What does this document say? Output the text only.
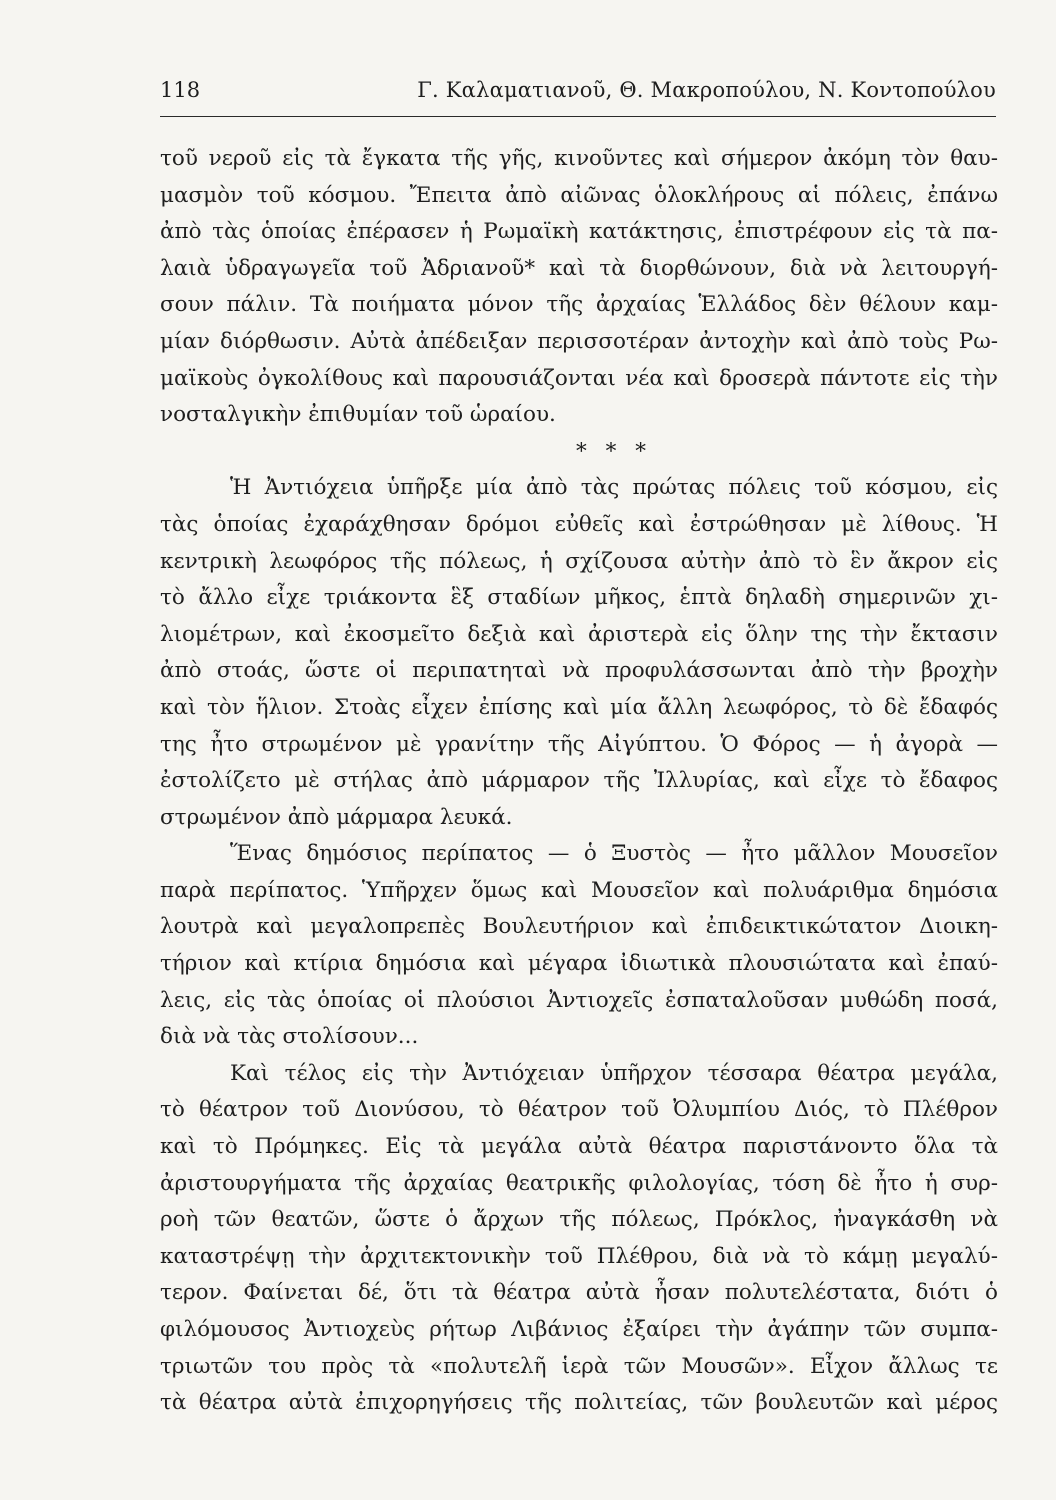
118	Γ. Καλαματιανοῦ, Θ. Μακροπούλου, Ν. Κοντοπούλου
τοῦ νεροῦ εἰς τὰ ἔγκατα τῆς γῆς, κινοῦντες καὶ σήμερον ἀκόμη τὸν θαυ-
μασμὸν τοῦ κόσμου. Ἔπειτα ἀπὸ αἰῶνας ὁλοκλήρους αἱ πόλεις, ἐπάνω
ἀπὸ τὰς ὁποίας ἐπέρασεν ἡ Ρωμαϊκὴ κατάκτησις, ἐπιστρέφουν εἰς τὰ πα-
λαιὰ ὑδραγωγεῖα τοῦ Ἀδριανοῦ* καὶ τὰ διορθώνουν, διὰ νὰ λειτουργή-
σουν πάλιν. Τὰ ποιήματα μόνον τῆς ἀρχαίας Ἑλλάδος δὲν θέλουν καμ-
μίαν διόρθωσιν. Αὐτὰ ἀπέδειξαν περισσοτέραν ἀντοχὴν καὶ ἀπὸ τοὺς Ρω-
μαϊκοὺς ὀγκολίθους καὶ παρουσιάζονται νέα καὶ δροσερὰ πάντοτε εἰς τὴν
νοσταλγικὴν ἐπιθυμίαν τοῦ ὡραίου.
* * *
Ἡ Ἀντιόχεια ὑπῆρξε μία ἀπὸ τὰς πρώτας πόλεις τοῦ κόσμου, εἰς
τὰς ὁποίας ἐχαράχθησαν δρόμοι εὐθεῖς καὶ ἐστρώθησαν μὲ λίθους. Ἡ
κεντρικὴ λεωφόρος τῆς πόλεως, ἡ σχίζουσα αὐτὴν ἀπὸ τὸ ἓν ἄκρον εἰς
τὸ ἄλλο εἶχε τριάκοντα ἓξ σταδίων μῆκος, ἑπτὰ δηλαδὴ σημερινῶν χι-
λιομέτρων, καὶ ἐκοσμεῖτο δεξιὰ καὶ ἀριστερὰ εἰς ὅλην της τὴν ἔκτασιν
ἀπὸ στοάς, ὥστε οἱ περιπατηταὶ νὰ προφυλάσσωνται ἀπὸ τὴν βροχὴν
καὶ τὸν ἥλιον. Στοὰς εἶχεν ἐπίσης καὶ μία ἄλλη λεωφόρος, τὸ δὲ ἔδαφός
της ἦτο στρωμένον μὲ γρανίτην τῆς Αἰγύπτου. Ὁ Φόρος — ἡ ἀγορὰ —
ἐστολίζετο μὲ στήλας ἀπὸ μάρμαρον τῆς Ἰλλυρίας, καὶ εἶχε τὸ ἔδαφος
στρωμένον ἀπὸ μάρμαρα λευκά.
Ἕνας δημόσιος περίπατος — ὁ Ξυστὸς — ἦτο μᾶλλον Μουσεῖον
παρὰ περίπατος. Ὑπῆρχεν ὅμως καὶ Μουσεῖον καὶ πολυάριθμα δημόσια
λουτρὰ καὶ μεγαλοπρεπὲς Βουλευτήριον καὶ ἐπιδεικτικώτατον Διοικη-
τήριον καὶ κτίρια δημόσια καὶ μέγαρα ἰδιωτικὰ πλουσιώτατα καὶ ἐπαύ-
λεις, εἰς τὰς ὁποίας οἱ πλούσιοι Ἀντιοχεῖς ἐσπαταλοῦσαν μυθώδη ποσά,
διὰ νὰ τὰς στολίσουν...
Καὶ τέλος εἰς τὴν Ἀντιόχειαν ὑπῆρχον τέσσαρα θέατρα μεγάλα,
τὸ θέατρον τοῦ Διονύσου, τὸ θέατρον τοῦ Ὀλυμπίου Διός, τὸ Πλέθρον
καὶ τὸ Πρόμηκες. Εἰς τὰ μεγάλα αὐτὰ θέατρα παριστάνοντο ὅλα τὰ
ἀριστουργήματα τῆς ἀρχαίας θεατρικῆς φιλολογίας, τόση δὲ ἦτο ἡ συρ-
ροὴ τῶν θεατῶν, ὥστε ὁ ἄρχων τῆς πόλεως, Πρόκλος, ἠναγκάσθη νὰ
καταστρέψῃ τὴν ἀρχιτεκτονικὴν τοῦ Πλέθρου, διὰ νὰ τὸ κάμῃ μεγαλύ-
τερον. Φαίνεται δέ, ὅτι τὰ θέατρα αὐτὰ ἦσαν πολυτελέστατα, διότι ὁ
φιλόμουσος Ἀντιοχεὺς ρήτωρ Λιβάνιος ἐξαίρει τὴν ἀγάπην τῶν συμπα-
τριωτῶν του πρὸς τὰ «πολυτελῆ ἱερὰ τῶν Μουσῶν». Εἶχον ἄλλως τε
τὰ θέατρα αὐτὰ ἐπιχορηγήσεις τῆς πολιτείας, τῶν βουλευτῶν καὶ μέρος
